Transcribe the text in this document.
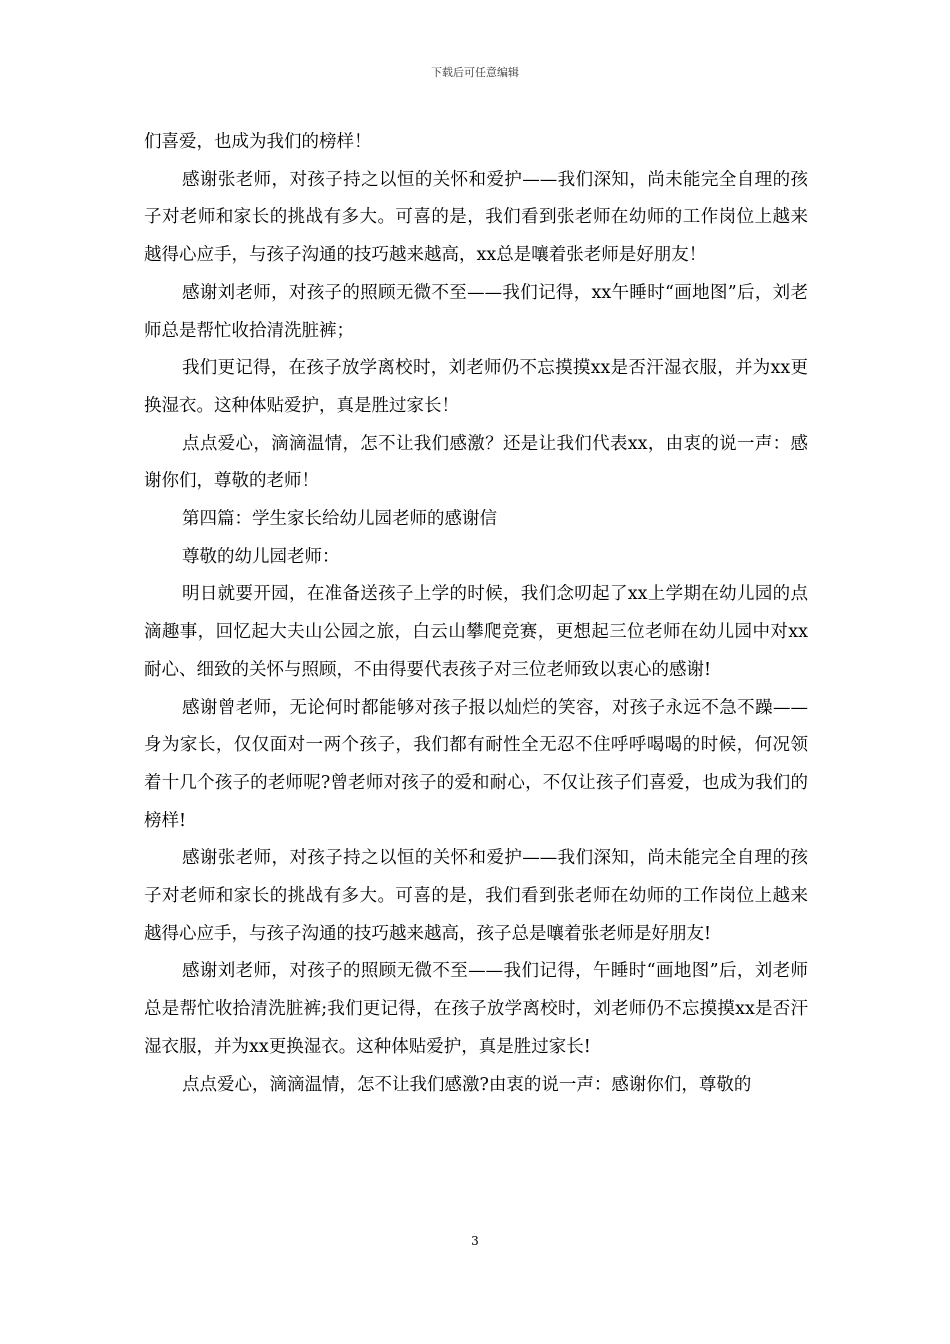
下载后可任意编辑

们喜爱，也成为我们的榜样！

感谢张老师，对孩子持之以恒的关怀和爱护——我们深知，尚未能完全自理的孩子对老师和家长的挑战有多大。可喜的是，我们看到张老师在幼师的工作岗位上越来越得心应手，与孩子沟通的技巧越来越高，xx总是嚷着张老师是好朋友！

感谢刘老师，对孩子的照顾无微不至——我们记得，xx午睡时“画地图”后，刘老师总是帮忙收拾清洗脏裤；

我们更记得，在孩子放学离校时，刘老师仍不忘摸摸xx是否汗湿衣服，并为xx更换湿衣。这种体贴爱护，真是胜过家长！

点点爱心，滴滴温情，怎不让我们感激？还是让我们代表xx，由衷的说一声：感谢你们，尊敬的老师！

第四篇：学生家长给幼儿园老师的感谢信

尊敬的幼儿园老师：

明日就要开园，在准备送孩子上学的时候，我们念叨起了xx上学期在幼儿园的点滴趣事，回忆起大夫山公园之旅，白云山攀爬竞赛，更想起三位老师在幼儿园中对xx耐心、细致的关怀与照顾，不由得要代表孩子对三位老师致以衷心的感谢!

感谢曾老师，无论何时都能够对孩子报以灿烂的笑容，对孩子永远不急不躁——身为家长，仅仅面对一两个孩子，我们都有耐性全无忍不住呼呼喝喝的时候，何况领着十几个孩子的老师呢?曾老师对孩子的爱和耐心，不仅让孩子们喜爱，也成为我们的榜样!

感谢张老师，对孩子持之以恒的关怀和爱护——我们深知，尚未能完全自理的孩子对老师和家长的挑战有多大。可喜的是，我们看到张老师在幼师的工作岗位上越来越得心应手，与孩子沟通的技巧越来越高，孩子总是嚷着张老师是好朋友!

感谢刘老师，对孩子的照顾无微不至——我们记得，午睡时“画地图”后，刘老师总是帮忙收拾清洗脏裤;我们更记得，在孩子放学离校时，刘老师仍不忘摸摸xx是否汗湿衣服，并为xx更换湿衣。这种体贴爱护，真是胜过家长!

点点爱心，滴滴温情，怎不让我们感激?由衷的说一声：感谢你们，尊敬的

3
